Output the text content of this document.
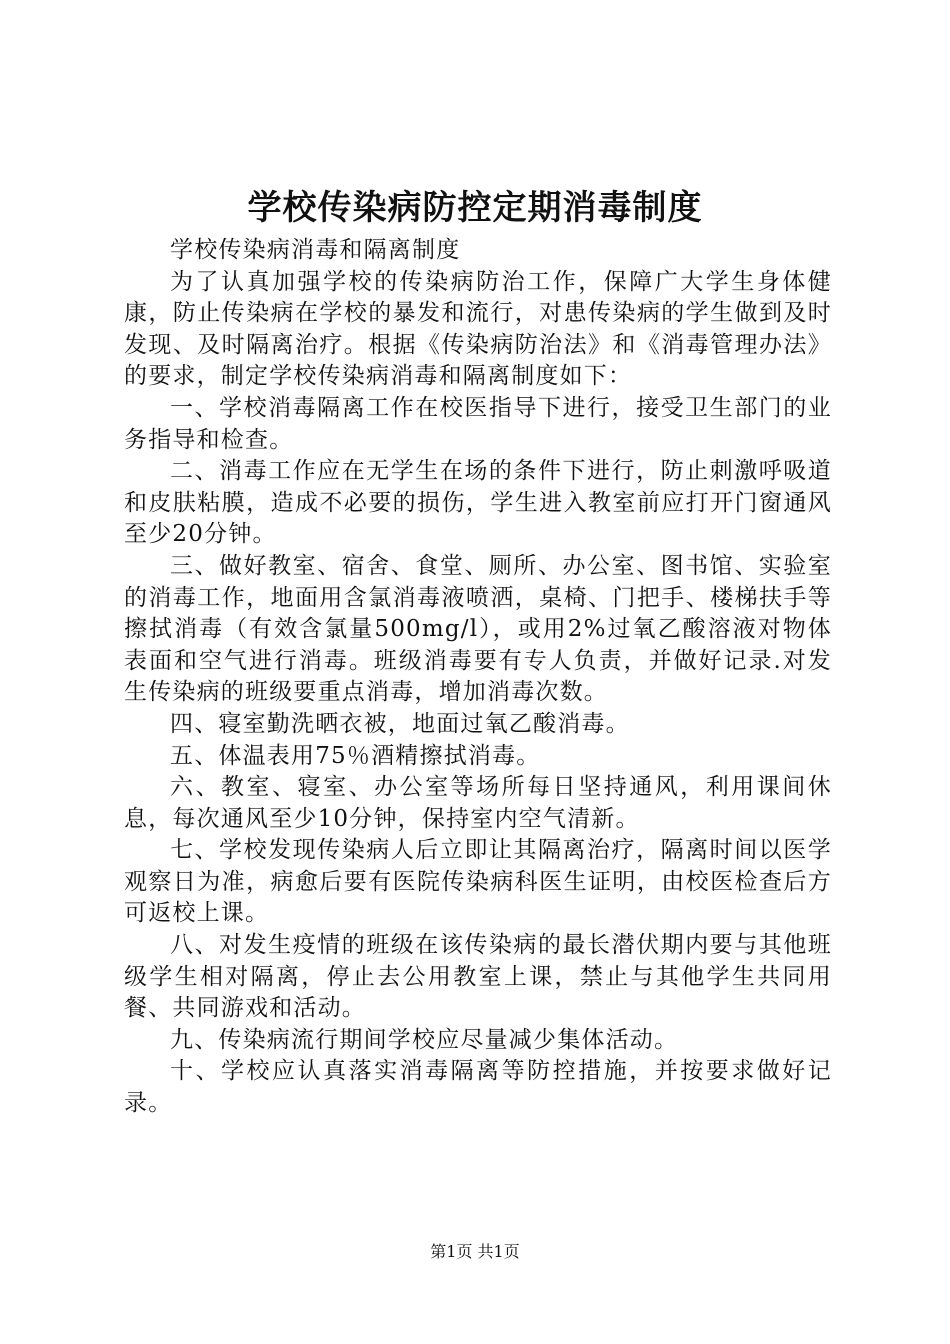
学校传染病防控定期消毒制度

学校传染病消毒和隔离制度

为了认真加强学校的传染病防治工作，保障广大学生身体健康，防止传染病在学校的暴发和流行，对患传染病的学生做到及时发现、及时隔离治疗。根据《传染病防治法》和《消毒管理办法》的要求，制定学校传染病消毒和隔离制度如下：

一、学校消毒隔离工作在校医指导下进行，接受卫生部门的业务指导和检查。

二、消毒工作应在无学生在场的条件下进行，防止刺激呼吸道和皮肤粘膜，造成不必要的损伤，学生进入教室前应打开门窗通风至少20分钟。

三、做好教室、宿舍、食堂、厕所、办公室、图书馆、实验室的消毒工作，地面用含氯消毒液喷洒，桌椅、门把手、楼梯扶手等擦拭消毒（有效含氯量500mg/l），或用2%过氧乙酸溶液对物体表面和空气进行消毒。班级消毒要有专人负责，并做好记录.对发生传染病的班级要重点消毒，增加消毒次数。

四、寝室勤洗晒衣被，地面过氧乙酸消毒。

五、体温表用75％酒精擦拭消毒。

六、教室、寝室、办公室等场所每日坚持通风，利用课间休息，每次通风至少10分钟，保持室内空气清新。

七、学校发现传染病人后立即让其隔离治疗，隔离时间以医学观察日为准，病愈后要有医院传染病科医生证明，由校医检查后方可返校上课。

八、对发生疫情的班级在该传染病的最长潜伏期内要与其他班级学生相对隔离，停止去公用教室上课，禁止与其他学生共同用餐、共同游戏和活动。

九、传染病流行期间学校应尽量减少集体活动。

十、学校应认真落实消毒隔离等防控措施，并按要求做好记录。

第1页 共1页
